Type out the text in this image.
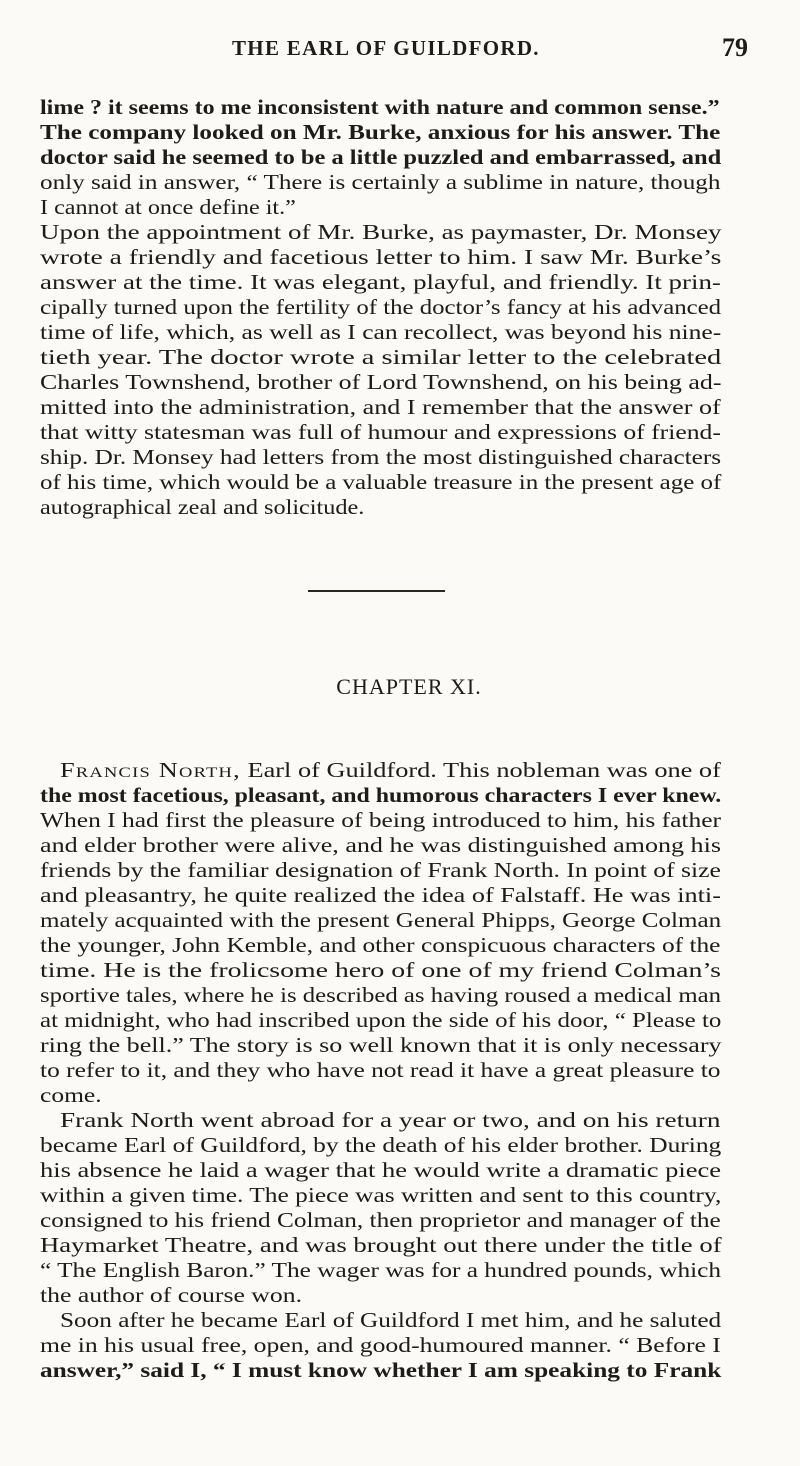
THE EARL OF GUILDFORD.	79
lime ? it seems to me inconsistent with nature and common sense.”
The company looked on Mr. Burke, anxious for his answer. The
doctor said he seemed to be a little puzzled and embarrassed, and
only said in answer, “ There is certainly a sublime in nature, though
I cannot at once define it.”
Upon the appointment of Mr. Burke, as paymaster, Dr. Monsey
wrote a friendly and facetious letter to him. I saw Mr. Burke’s
answer at the time. It was elegant, playful, and friendly. It prin-
cipally turned upon the fertility of the doctor’s fancy at his advanced
time of life, which, as well as I can recollect, was beyond his nine-
tieth year. The doctor wrote a similar letter to the celebrated
Charles Townshend, brother of Lord Townshend, on his being ad-
mitted into the administration, and I remember that the answer of
that witty statesman was full of humour and expressions of friend-
ship. Dr. Monsey had letters from the most distinguished characters
of his time, which would be a valuable treasure in the present age of
autographical zeal and solicitude.
CHAPTER XI.
Francis North, Earl of Guildford. This nobleman was one of
the most facetious, pleasant, and humorous characters I ever knew.
When I had first the pleasure of being introduced to him, his father
and elder brother were alive, and he was distinguished among his
friends by the familiar designation of Frank North. In point of size
and pleasantry, he quite realized the idea of Falstaff. He was inti-
mately acquainted with the present General Phipps, George Colman
the younger, John Kemble, and other conspicuous characters of the
time. He is the frolicsome hero of one of my friend Colman’s
sportive tales, where he is described as having roused a medical man
at midnight, who had inscribed upon the side of his door, “ Please to
ring the bell.” The story is so well known that it is only necessary
to refer to it, and they who have not read it have a great pleasure to
come.
Frank North went abroad for a year or two, and on his return
became Earl of Guildford, by the death of his elder brother. During
his absence he laid a wager that he would write a dramatic piece
within a given time. The piece was written and sent to this country,
consigned to his friend Colman, then proprietor and manager of the
Haymarket Theatre, and was brought out there under the title of
“ The English Baron.” The wager was for a hundred pounds, which
the author of course won.
Soon after he became Earl of Guildford I met him, and he saluted
me in his usual free, open, and good-humoured manner. “ Before I
answer,” said I, “ I must know whether I am speaking to Frank
